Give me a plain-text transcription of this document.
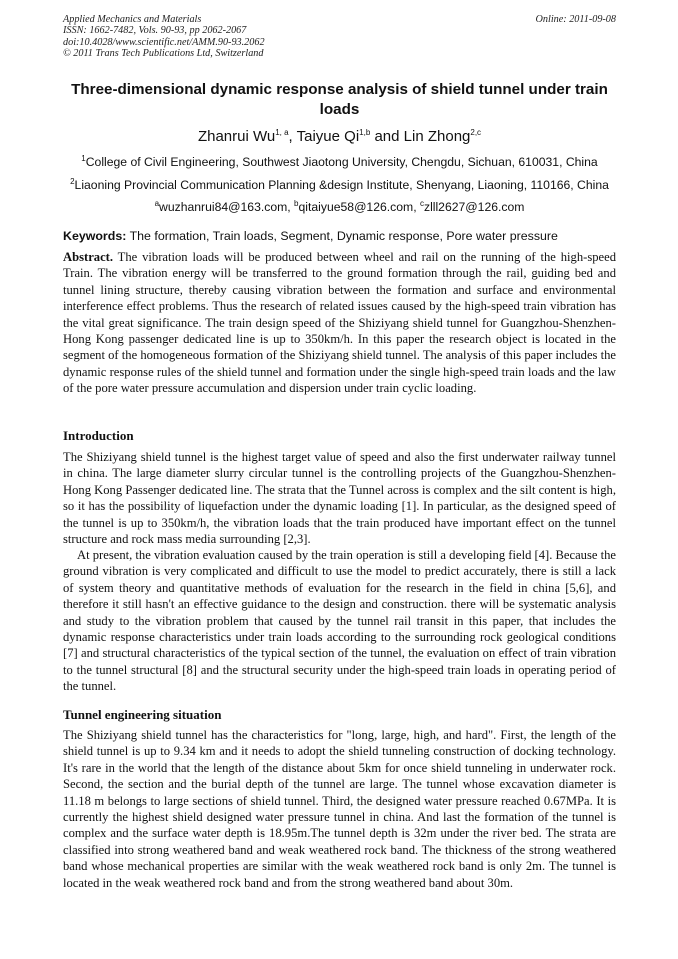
Applied Mechanics and Materials
ISSN: 1662-7482, Vols. 90-93, pp 2062-2067
doi:10.4028/www.scientific.net/AMM.90-93.2062
© 2011 Trans Tech Publications Ltd, Switzerland
Online: 2011-09-08
Three-dimensional dynamic response analysis of shield tunnel under train loads
Zhanrui Wu$^{1, a}$, Taiyue Qi$^{1,b}$ and Lin Zhong$^{2,c}$
$^1$College of Civil Engineering, Southwest Jiaotong University, Chengdu, Sichuan, 610031, China
$^2$Liaoning Provincial Communication Planning &design Institute, Shenyang, Liaoning, 110166, China
$^a$wuzhanrui84@163.com, $^b$qitaiyue58@126.com, $^c$zlll2627@126.com
Keywords: The formation, Train loads, Segment, Dynamic response, Pore water pressure
Abstract. The vibration loads will be produced between wheel and rail on the running of the high-speed Train. The vibration energy will be transferred to the ground formation through the rail, guiding bed and tunnel lining structure, thereby causing vibration between the formation and surface and environmental interference effect problems. Thus the research of related issues caused by the high-speed train vibration has the vital great significance. The train design speed of the Shiziyang shield tunnel for Guangzhou-Shenzhen-Hong Kong passenger dedicated line is up to 350km/h. In this paper the research object is located in the segment of the homogeneous formation of the Shiziyang shield tunnel. The analysis of this paper includes the dynamic response rules of the shield tunnel and formation under the single high-speed train loads and the law of the pore water pressure accumulation and dispersion under train cyclic loading.
Introduction
The Shiziyang shield tunnel is the highest target value of speed and also the first underwater railway tunnel in china. The large diameter slurry circular tunnel is the controlling projects of the Guangzhou-Shenzhen-Hong Kong Passenger dedicated line. The strata that the Tunnel across is complex and the silt content is high, so it has the possibility of liquefaction under the dynamic loading [1]. In particular, as the designed speed of the tunnel is up to 350km/h, the vibration loads that the train produced have important effect on the tunnel structure and rock mass media surrounding [2,3].
At present, the vibration evaluation caused by the train operation is still a developing field [4]. Because the ground vibration is very complicated and difficult to use the model to predict accurately, there is still a lack of system theory and quantitative methods of evaluation for the research in the field in china [5,6], and therefore it still hasn't an effective guidance to the design and construction. there will be systematic analysis and study to the vibration problem that caused by the tunnel rail transit in this paper, that includes the dynamic response characteristics under train loads according to the surrounding rock geological conditions [7] and structural characteristics of the typical section of the tunnel, the evaluation on effect of train vibration to the tunnel structural [8] and the structural security under the high-speed train loads in operating period of the tunnel.
Tunnel engineering situation
The Shiziyang shield tunnel has the characteristics for "long, large, high, and hard". First, the length of the shield tunnel is up to 9.34 km and it needs to adopt the shield tunneling construction of docking technology. It's rare in the world that the length of the distance about 5km for once shield tunneling in underwater rock. Second, the section and the burial depth of the tunnel are large. The tunnel whose excavation diameter is 11.18 m belongs to large sections of shield tunnel. Third, the designed water pressure reached 0.67MPa. It is currently the highest shield designed water pressure tunnel in china. And last the formation of the tunnel is complex and the surface water depth is 18.95m.The tunnel depth is 32m under the river bed. The strata are classified into strong weathered band and weak weathered rock band. The thickness of the strong weathered band whose mechanical properties are similar with the weak weathered rock band is only 2m. The tunnel is located in the weak weathered rock band and from the strong weathered band about 30m.
